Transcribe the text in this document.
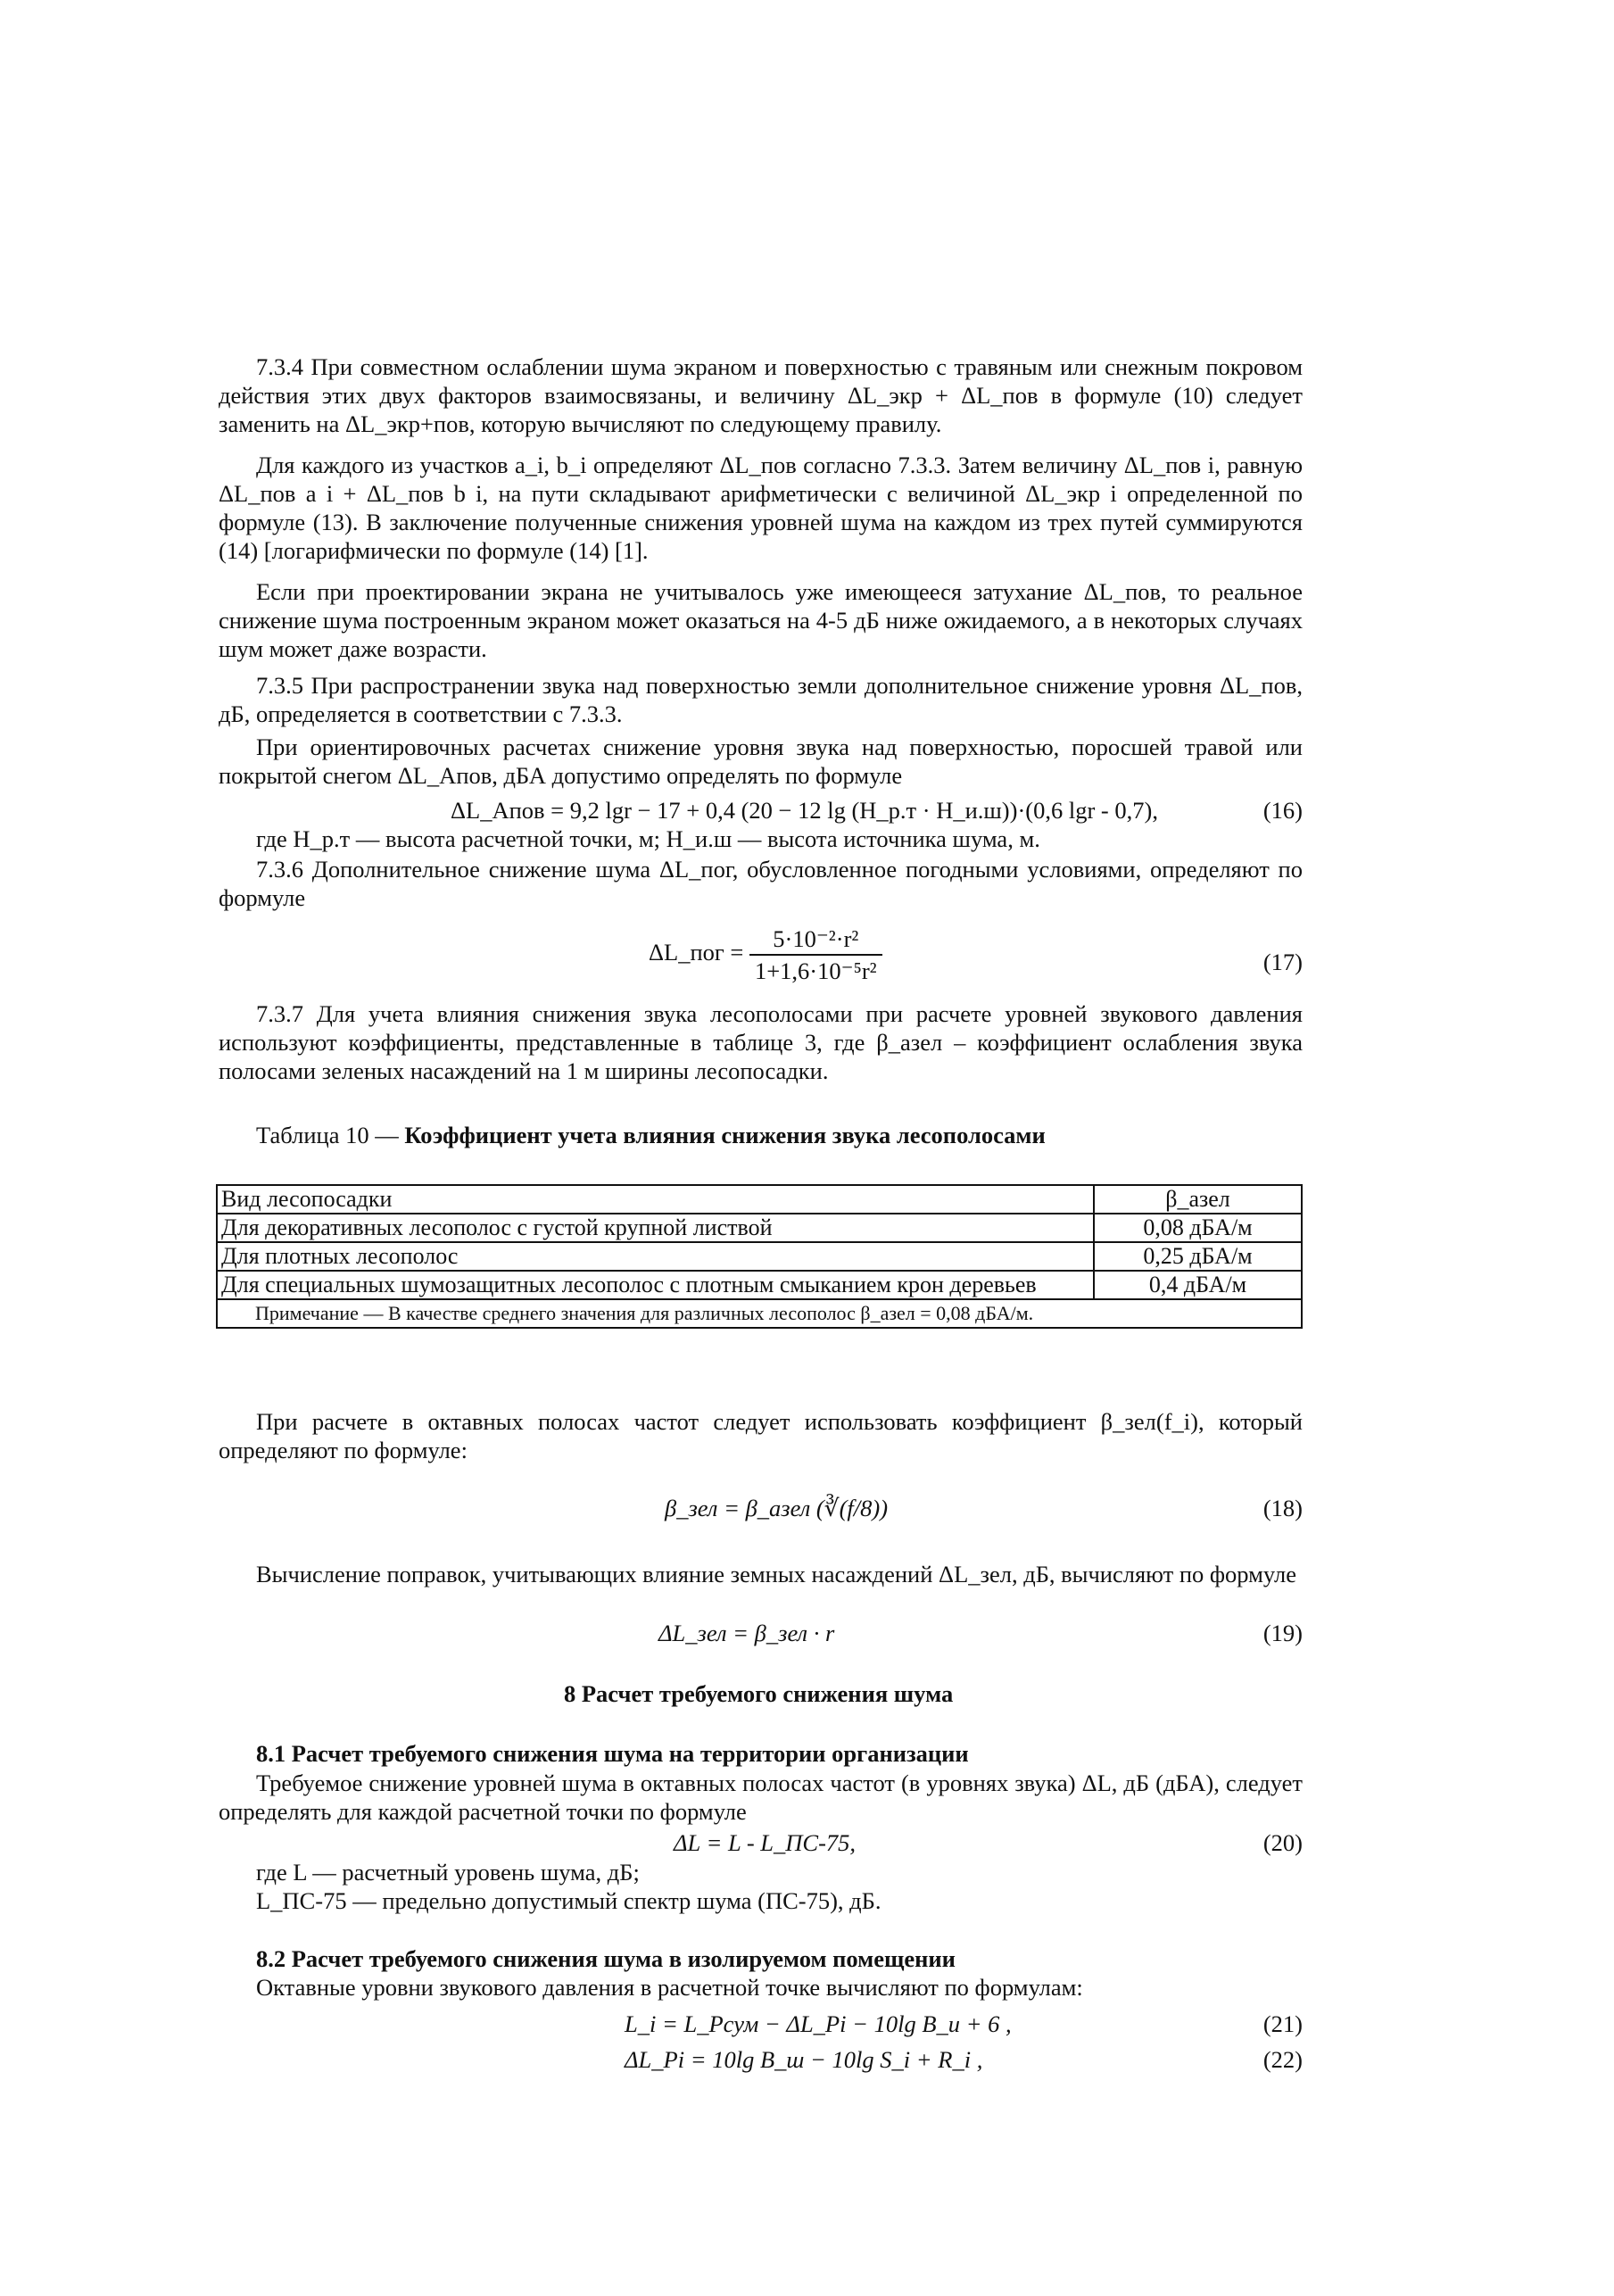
7.3.4 При совместном ослаблении шума экраном и поверхностью с травяным или снежным покровом действия этих двух факторов взаимосвязаны, и величину ΔL_экр + ΔL_пов в формуле (10) следует заменить на ΔL_экр+пов, которую вычисляют по следующему правилу.
Для каждого из участков a_i, b_i определяют ΔL_пов согласно 7.3.3. Затем величину ΔL_пов i, равную ΔL_пов a i + ΔL_пов b i, на пути складывают арифметически с величиной ΔL_экр i определенной по формуле (13). В заключение полученные снижения уровней шума на каждом из трех путей суммируются (14) [логарифмически по формуле (14) [1].
Если при проектировании экрана не учитывалось уже имеющееся затухание ΔL_пов, то реальное снижение шума построенным экраном может оказаться на 4-5 дБ ниже ожидаемого, а в некоторых случаях шум может даже возрасти.
7.3.5 При распространении звука над поверхностью земли дополнительное снижение уровня ΔL_пов, дБ, определяется в соответствии с 7.3.3.
При ориентировочных расчетах снижение уровня звука над поверхностью, поросшей травой или покрытой снегом ΔL_Aпов, дБА допустимо определять по формуле
ΔL_Aпов = 9,2 lgr − 17 + 0,4 (20 − 12 lg (H_р.т · H_и.ш))·(0,6 lgr - 0,7),	(16)
где H_р.т — высота расчетной точки, м; H_и.ш — высота источника шума, м.
7.3.6 Дополнительное снижение шума ΔL_пог, обусловленное погодными условиями, определяют по формуле
ΔL_пог = $\frac{\text{5·10⁻²·r²}}{\text{1+1,6·10⁻⁵r²}}$	(17)
7.3.7 Для учета влияния снижения звука лесополосами при расчете уровней звукового давления используют коэффициенты, представленные в таблице 3, где β_азел – коэффициент ослабления звука полосами зеленых насаждений на 1 м ширины лесопосадки.
Таблица 10 — Коэффициент учета влияния снижения звука лесополосами
Вид лесопосадки	β_азел
Для декоративных лесополос с густой крупной листвой	0,08 дБА/м
Для плотных лесополос	0,25 дБА/м
Для специальных шумозащитных лесополос с плотным смыканием крон деревьев	0,4 дБА/м
Примечание — В качестве среднего значения для различных лесополос β_азел = 0,08 дБА/м.	
При расчете в октавных полосах частот следует использовать коэффициент β_зел(f_i), который определяют по формуле:
β_зел = β_азел (∛(f/8))	(18)
Вычисление поправок, учитывающих влияние земных насаждений ΔL_зел, дБ, вычисляют по формуле
ΔL_зел = β_зел · r	(19)
8 Расчет требуемого снижения шума
8.1 Расчет требуемого снижения шума на территории организации
Требуемое снижение уровней шума в октавных полосах частот (в уровнях звука) ΔL, дБ (дБА), следует определять для каждой расчетной точки по формуле
ΔL = L - L_ПС-75,	(20)
где L — расчетный уровень шума, дБ;
L_ПС-75 — предельно допустимый спектр шума (ПС-75), дБ.
8.2 Расчет требуемого снижения шума в изолируемом помещении
Октавные уровни звукового давления в расчетной точке вычисляют по формулам:
L_i = L_Pсум − ΔL_Pi − 10lg B_и + 6 ,	(21)
ΔL_Pi = 10lg B_ш − 10lg S_i + R_i ,	(22)
